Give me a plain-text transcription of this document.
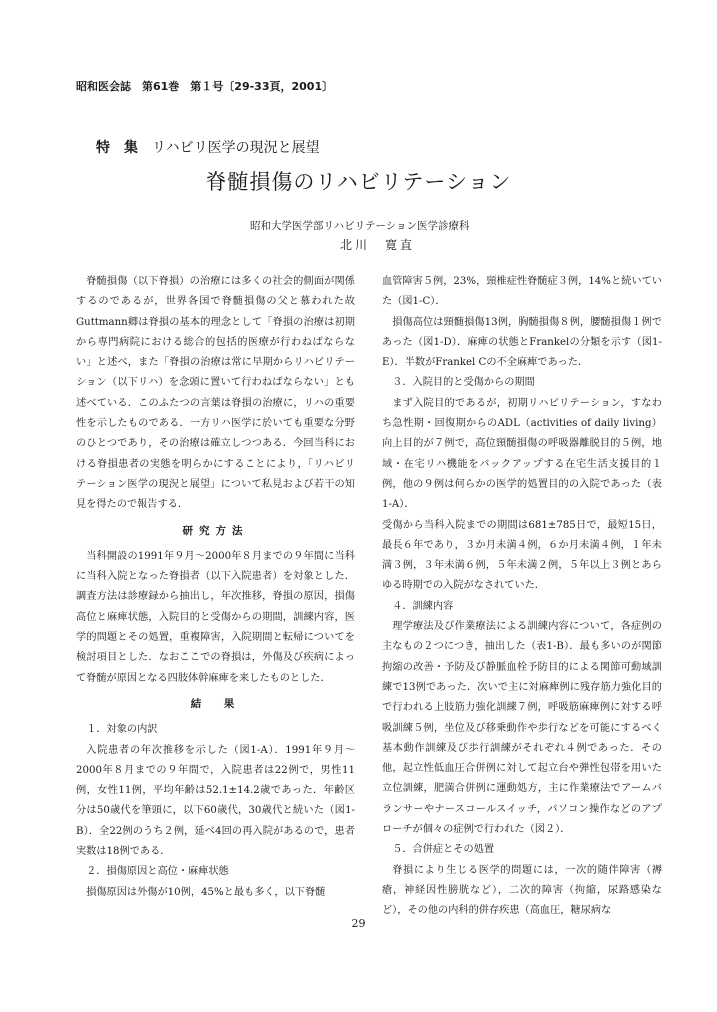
昭和医会誌　第61巻　第１号〔29-33頁，2001〕
特 集 リハビリ医学の現況と展望
脊髄損傷のリハビリテーション
昭和大学医学部リハビリテーション医学診療科
北川　寛直

脊髄損傷（以下脊損）の治療には多くの社会的側面が関係するのであるが，世界各国で脊髄損傷の父と慕われた故Guttmann卿は脊損の基本的理念として「脊損の治療は初期から専門病院における総合的包括的医療が行わねばならない」と述べ，また「脊損の治療は常に早期からリハビリテーション（以下リハ）を念頭に置いて行わねばならない」とも述べている．このふたつの言葉は脊損の治療に，リハの重要性を示したものである．一方リハ医学に於いても重要な分野のひとつであり，その治療は確立しつつある．今回当科における脊損患者の実態を明らかにすることにより，「リハビリテーション医学の現況と展望」について私見および若干の知見を得たので報告する．

研究方法

当科開設の1991年９月～2000年８月までの９年間に当科に当科入院となった脊損者（以下入院患者）を対象とした．調査方法は診療録から抽出し，年次推移，脊損の原因，損傷高位と麻痺状態，入院目的と受傷からの期間，訓練内容，医学的問題とその処置，重複障害，入院期間と転帰についてを検討項目とした．なおここでの脊損は，外傷及び疾病によって脊髄が原因となる四肢体幹麻痺を来したものとした．

結　果

１．対象の内訳

入院患者の年次推移を示した（図1-A）．1991年９月～2000年８月までの９年間で，入院患者は22例で，男性11例，女性11例，平均年齢は52.1±14.2歳であった．年齢区分は50歳代を筆頭に，以下60歳代，30歳代と続いた（図1-B）．全22例のうち２例，延べ4回の再入院があるので，患者実数は18例である．

２．損傷原因と高位・麻痺状態

損傷原因は外傷が10例，45%と最も多く，以下脊髄

血管障害５例，23%，頸椎症性脊髄症３例，14%と続いていた（図1-C）．

損傷高位は頸髄損傷13例，胸髄損傷８例，腰髄損傷１例であった（図1-D）．麻痺の状態とFrankelの分類を示す（図1-E）．半数がFrankel Cの不全麻痺であった．

３．入院目的と受傷からの期間

まず入院目的であるが，初期リハビリテーション，すなわち急性期・回復期からのADL（activities of daily living）向上目的が７例で，高位頸髄損傷の呼吸器離脱目的５例，地域・在宅リハ機能をバックアップする在宅生活支援目的１例，他の９例は何らかの医学的処置目的の入院であった（表1-A）．

受傷から当科入院までの期間は681±785日で，最短15日，最長６年であり，３か月未満４例，６か月未満４例，１年未満３例，３年未満６例，５年未満２例，５年以上３例とあらゆる時期での入院がなされていた．

４．訓練内容

理学療法及び作業療法による訓練内容について，各症例の主なもの２つにつき，抽出した（表1-B）．最も多いのが関節拘縮の改善・予防及び静脈血栓予防目的による関節可動域訓練で13例であった．次いで主に対麻痺例に残存筋力強化目的で行われる上肢筋力強化訓練７例，呼吸筋麻痺例に対する呼吸訓練５例，坐位及び移乗動作や歩行などを可能にするべく基本動作訓練及び歩行訓練がそれぞれ４例であった．その他，起立性低血圧合併例に対して起立台や弾性包帯を用いた立位訓練，肥満合併例に運動処方，主に作業療法でアームバランサーやナースコールスイッチ，パソコン操作などのアプローチが個々の症例で行われた（図２）．

５．合併症とその処置

脊損により生じる医学的問題には，一次的随伴障害（褥瘡，神経因性膀胱など），二次的障害（拘縮，尿路感染など），その他の内科的併存疾患（高血圧，糖尿病な

29
